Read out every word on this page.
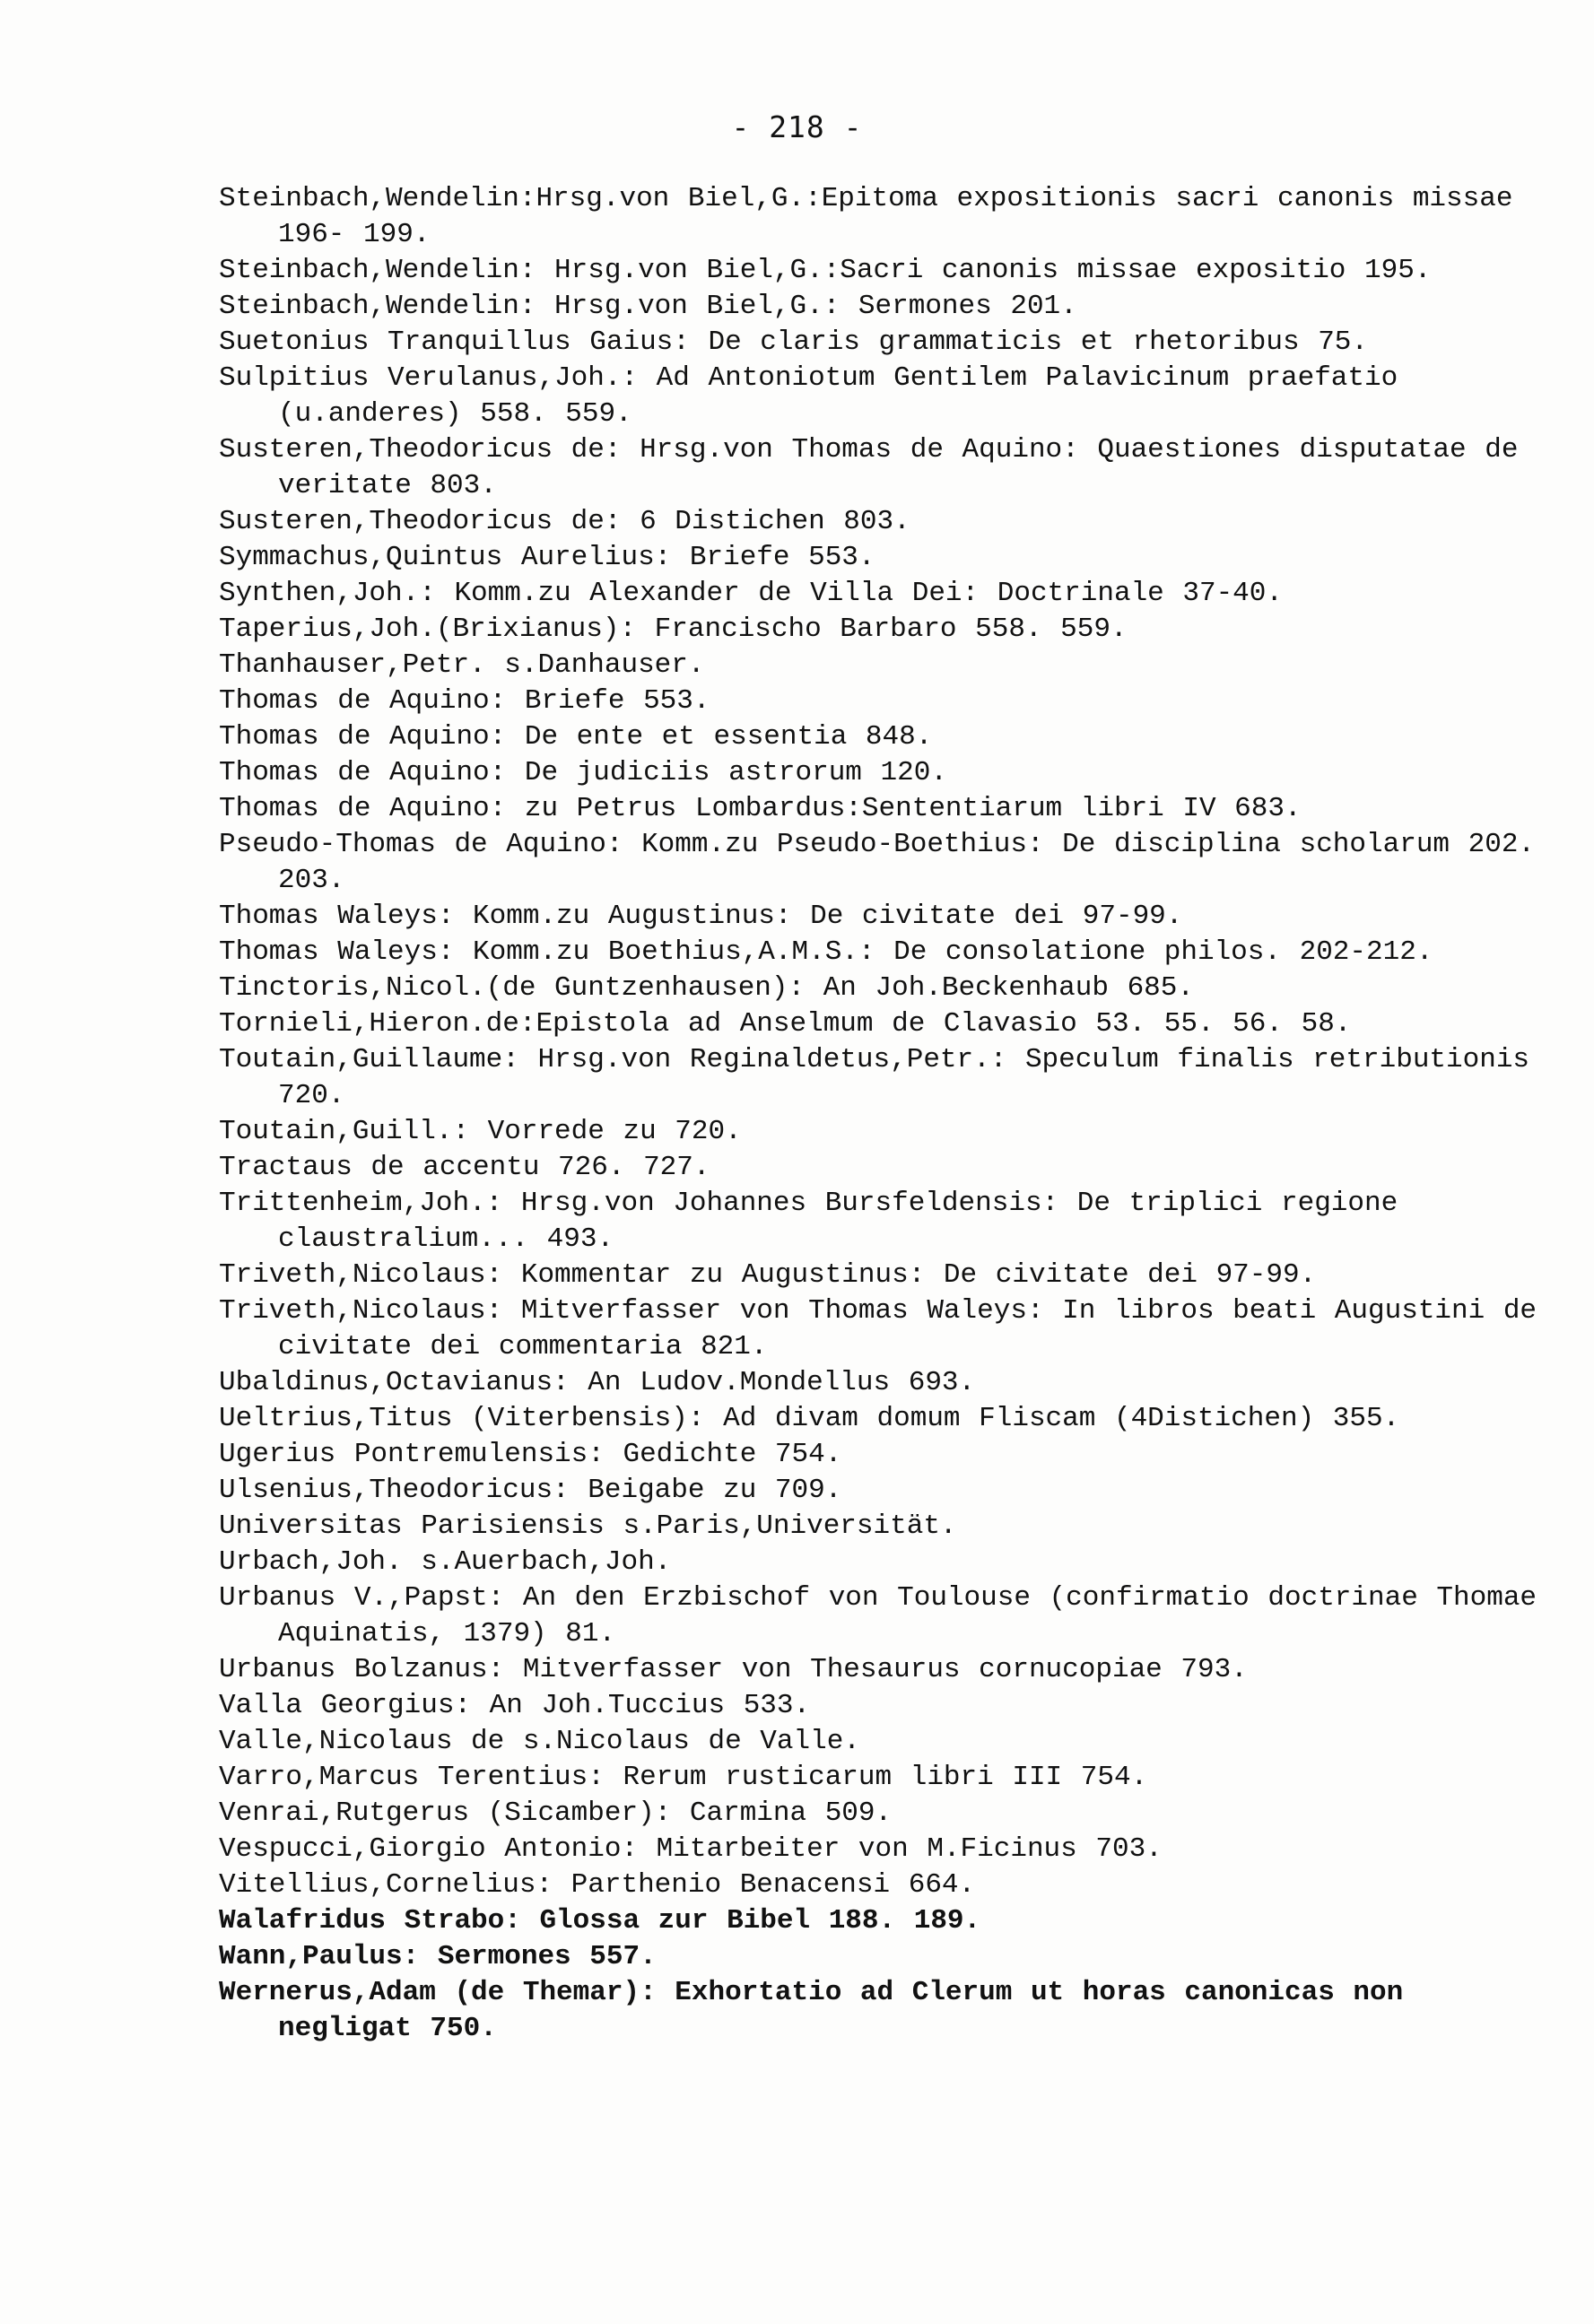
- 218 -
Steinbach,Wendelin:Hrsg.von Biel,G.:Epitoma expositionis sacri canonis missae 196- 199.
Steinbach,Wendelin: Hrsg.von Biel,G.:Sacri canonis missae expositio 195.
Steinbach,Wendelin: Hrsg.von Biel,G.: Sermones 201.
Suetonius Tranquillus Gaius: De claris grammaticis et rhetoribus 75.
Sulpitius Verulanus,Joh.: Ad Antoniotum Gentilem Palavicinum praefatio (u.anderes) 558. 559.
Susteren,Theodoricus de: Hrsg.von Thomas de Aquino: Quaestiones disputatae de veritate 803.
Susteren,Theodoricus de: 6 Distichen 803.
Symmachus,Quintus Aurelius: Briefe 553.
Synthen,Joh.: Komm.zu Alexander de Villa Dei: Doctrinale 37-40.
Taperius,Joh.(Brixianus): Francischo Barbaro 558. 559.
Thanhauser,Petr. s.Danhauser.
Thomas de Aquino: Briefe 553.
Thomas de Aquino: De ente et essentia 848.
Thomas de Aquino: De judiciis astrorum 120.
Thomas de Aquino: zu Petrus Lombardus:Sententiarum libri IV 683.
Pseudo-Thomas de Aquino: Komm.zu Pseudo-Boethius: De disciplina scholarum 202. 203.
Thomas Waleys: Komm.zu Augustinus: De civitate dei 97-99.
Thomas Waleys: Komm.zu Boethius,A.M.S.: De consolatione philos. 202-212.
Tinctoris,Nicol.(de Guntzenhausen): An Joh.Beckenhaub 685.
Tornieli,Hieron.de:Epistola ad Anselmum de Clavasio 53. 55. 56. 58.
Toutain,Guillaume: Hrsg.von Reginaldetus,Petr.: Speculum finalis retributionis 720.
Toutain,Guill.: Vorrede zu 720.
Tractaus de accentu 726. 727.
Trittenheim,Joh.: Hrsg.von Johannes Bursfeldensis: De triplici regione claustralium... 493.
Triveth,Nicolaus: Kommentar zu Augustinus: De civitate dei 97-99.
Triveth,Nicolaus: Mitverfasser von Thomas Waleys: In libros beati Augustini de civitate dei commentaria 821.
Ubaldinus,Octavianus: An Ludov.Mondellus 693.
Ueltrius,Titus (Viterbensis): Ad divam domum Fliscam (4Distichen) 355.
Ugerius Pontremulensis: Gedichte 754.
Ulsenius,Theodoricus: Beigabe zu 709.
Universitas Parisiensis s.Paris,Universität.
Urbach,Joh. s.Auerbach,Joh.
Urbanus V.,Papst: An den Erzbischof von Toulouse (confirmatio doctrinae Thomae Aquinatis, 1379) 81.
Urbanus Bolzanus: Mitverfasser von Thesaurus cornucopiae 793.
Valla Georgius: An Joh.Tuccius 533.
Valle,Nicolaus de s.Nicolaus de Valle.
Varro,Marcus Terentius: Rerum rusticarum libri III 754.
Venrai,Rutgerus (Sicamber): Carmina 509.
Vespucci,Giorgio Antonio: Mitarbeiter von M.Ficinus 703.
Vitellius,Cornelius: Parthenio Benacensi 664.
Walafridus Strabo: Glossa zur Bibel 188. 189.
Wann,Paulus: Sermones 557.
Wernerus,Adam (de Themar): Exhortatio ad Clerum ut horas canonicas non negligat 750.
